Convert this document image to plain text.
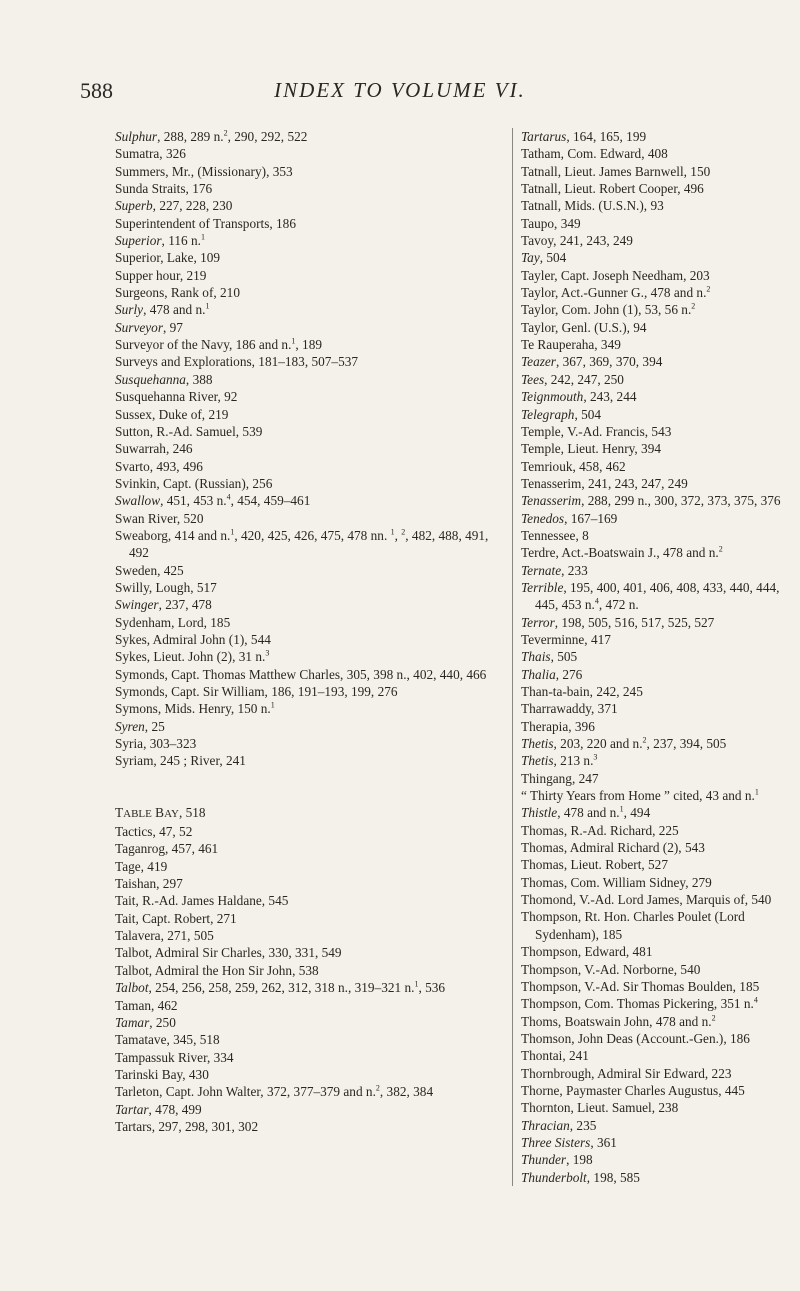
588	INDEX TO VOLUME VI.
Sulphur, 288, 289 n.$^2$, 290, 292, 522
Sumatra, 326
Summers, Mr., (Missionary), 353
Sunda Straits, 176
Superb, 227, 228, 230
Superintendent of Transports, 186
Superior, 116 n.$^1$
Superior, Lake, 109
Supper hour, 219
Surgeons, Rank of, 210
Surly, 478 and n.$^1$
Surveyor, 97
Surveyor of the Navy, 186 and n.$^1$, 189
Surveys and Explorations, 181–183, 507–537
Susquehanna, 388
Susquehanna River, 92
Sussex, Duke of, 219
Sutton, R.-Ad. Samuel, 539
Suwarrah, 246
Svarto, 493, 496
Svinkin, Capt. (Russian), 256
Swallow, 451, 453 n.$^4$, 454, 459–461
Swan River, 520
Sweaborg, 414 and n.$^1$, 420, 425, 426, 475, 478 nn. $^1$, $^2$, 482, 488, 491, 492
Sweden, 425
Swilly, Lough, 517
Swinger, 237, 478
Sydenham, Lord, 185
Sykes, Admiral John (1), 544
Sykes, Lieut. John (2), 31 n.$^3$
Symonds, Capt. Thomas Matthew Charles, 305, 398 n., 402, 440, 466
Symonds, Capt. Sir William, 186, 191–193, 199, 276
Symons, Mids. Henry, 150 n.$^1$
Syren, 25
Syria, 303–323
Syriam, 245 ; River, 241
TABLE BAY, 518
Tactics, 47, 52
Taganrog, 457, 461
Tage, 419
Taishan, 297
Tait, R.-Ad. James Haldane, 545
Tait, Capt. Robert, 271
Talavera, 271, 505
Talbot, Admiral Sir Charles, 330, 331, 549
Talbot, Admiral the Hon Sir John, 538
Talbot, 254, 256, 258, 259, 262, 312, 318 n., 319–321 n.$^1$, 536
Taman, 462
Tamar, 250
Tamatave, 345, 518
Tampassuk River, 334
Tarinski Bay, 430
Tarleton, Capt. John Walter, 372, 377–379 and n.$^2$, 382, 384
Tartar, 478, 499
Tartars, 297, 298, 301, 302
Tartarus, 164, 165, 199
Tatham, Com. Edward, 408
Tatnall, Lieut. James Barnwell, 150
Tatnall, Lieut. Robert Cooper, 496
Tatnall, Mids. (U.S.N.), 93
Taupo, 349
Tavoy, 241, 243, 249
Tay, 504
Tayler, Capt. Joseph Needham, 203
Taylor, Act.-Gunner G., 478 and n.$^2$
Taylor, Com. John (1), 53, 56 n.$^2$
Taylor, Genl. (U.S.), 94
Te Rauperaha, 349
Teazer, 367, 369, 370, 394
Tees, 242, 247, 250
Teignmouth, 243, 244
Telegraph, 504
Temple, V.-Ad. Francis, 543
Temple, Lieut. Henry, 394
Temriouk, 458, 462
Tenasserim, 241, 243, 247, 249
Tenasserim, 288, 299 n., 300, 372, 373, 375, 376
Tenedos, 167–169
Tennessee, 8
Terdre, Act.-Boatswain J., 478 and n.$^2$
Ternate, 233
Terrible, 195, 400, 401, 406, 408, 433, 440, 444, 445, 453 n.$^4$, 472 n.
Terror, 198, 505, 516, 517, 525, 527
Teverminne, 417
Thais, 505
Thalia, 276
Than-ta-bain, 242, 245
Tharrawaddy, 371
Therapia, 396
Thetis, 203, 220 and n.$^2$, 237, 394, 505
Thetis, 213 n.$^3$
Thingang, 247
“ Thirty Years from Home ” cited, 43 and n.$^1$
Thistle, 478 and n.$^1$, 494
Thomas, R.-Ad. Richard, 225
Thomas, Admiral Richard (2), 543
Thomas, Lieut. Robert, 527
Thomas, Com. William Sidney, 279
Thomond, V.-Ad. Lord James, Marquis of, 540
Thompson, Rt. Hon. Charles Poulet (Lord Sydenham), 185
Thompson, Edward, 481
Thompson, V.-Ad. Norborne, 540
Thompson, V.-Ad. Sir Thomas Boulden, 185
Thompson, Com. Thomas Pickering, 351 n.$^4$
Thoms, Boatswain John, 478 and n.$^2$
Thomson, John Deas (Account.-Gen.), 186
Thontai, 241
Thornbrough, Admiral Sir Edward, 223
Thorne, Paymaster Charles Augustus, 445
Thornton, Lieut. Samuel, 238
Thracian, 235
Three Sisters, 361
Thunder, 198
Thunderbolt, 198, 585
